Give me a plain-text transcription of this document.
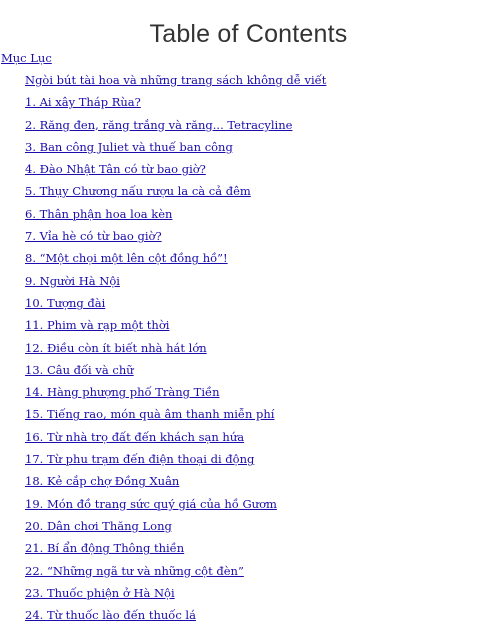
Table of Contents
Mục Lục
Ngòi bút tài hoa và những trang sách không dễ viết
1. Ai xây Tháp Rùa?
2. Răng đen, răng trắng và răng... Tetracyline
3. Ban công Juliet và thuế ban công
4. Đào Nhật Tân có từ bao giờ?
5. Thụy Chương nấu rượu la cà cả đêm
6. Thân phận hoa loa kèn
7. Vỉa hè có từ bao giờ?
8. “Một chọi một lên cột đồng hồ”!
9. Người Hà Nội
10. Tượng đài
11. Phim và rạp một thời
12. Điều còn ít biết nhà hát lớn
13. Câu đối và chữ
14. Hàng phượng phố Tràng Tiền
15. Tiếng rao, món quà âm thanh miễn phí
16. Từ nhà trọ đất đến khách sạn hứa
17. Từ phu trạm đến điện thoại di động
18. Kẻ cắp chợ Đồng Xuân
19. Món đồ trang sức quý giá của hồ Gươm
20. Dân chơi Thăng Long
21. Bí ẩn động Thông thiền
22. “Những ngã tư và những cột đèn”
23. Thuốc phiện ở Hà Nội
24. Từ thuốc lào đến thuốc lá
